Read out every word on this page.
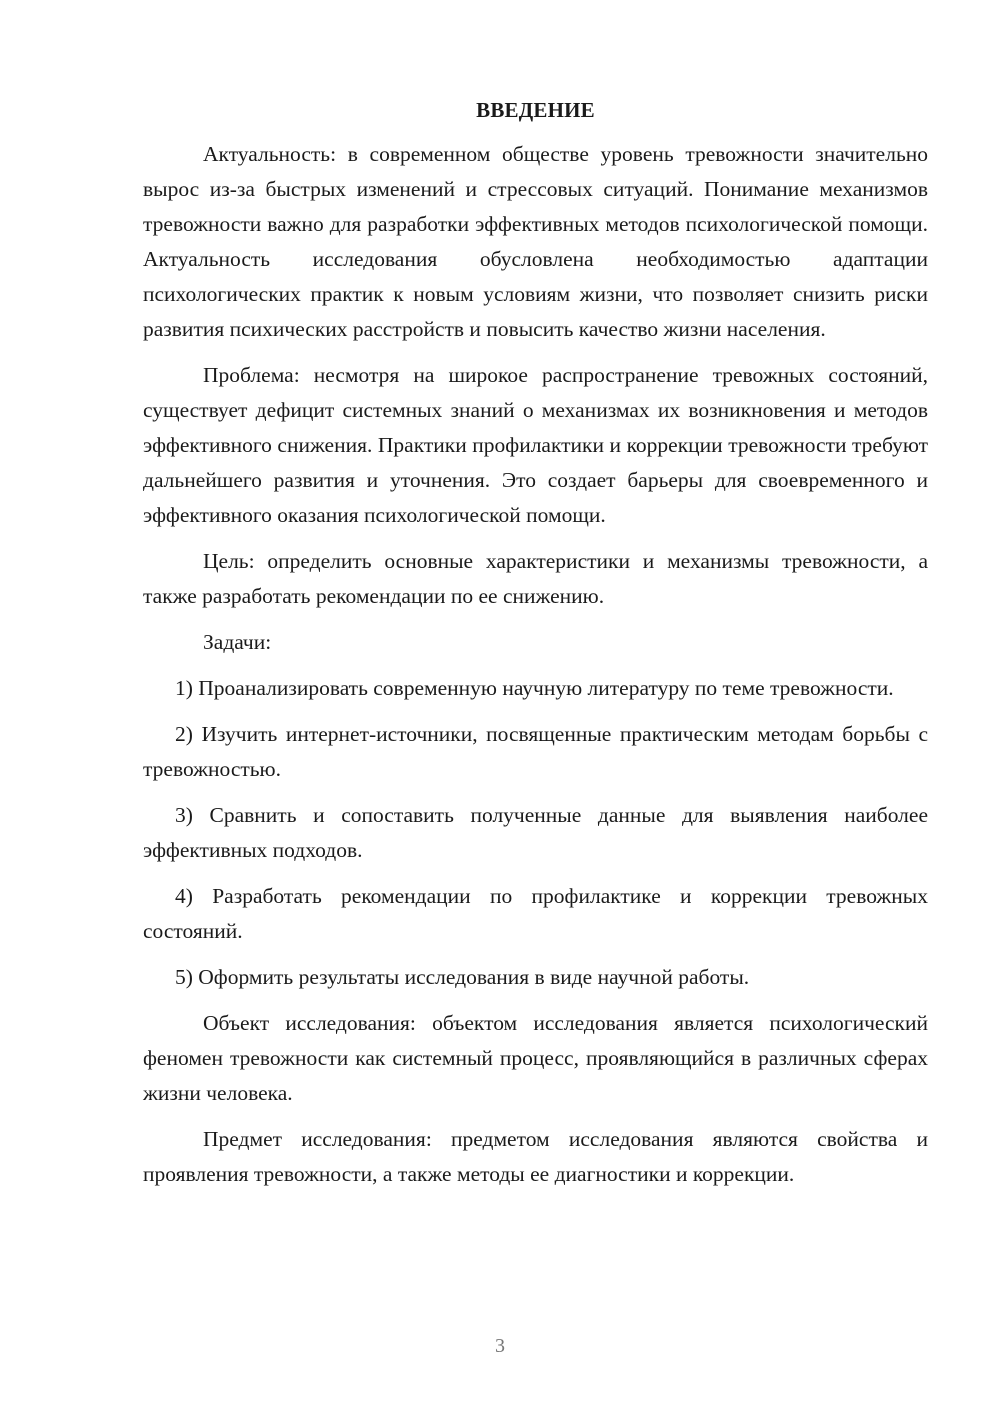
ВВЕДЕНИЕ

Актуальность: в современном обществе уровень тревожности значительно вырос из-за быстрых изменений и стрессовых ситуаций. Понимание механизмов тревожности важно для разработки эффективных методов психологической помощи. Актуальность исследования обусловлена необходимостью адаптации психологических практик к новым условиям жизни, что позволяет снизить риски развития психических расстройств и повысить качество жизни населения.

Проблема: несмотря на широкое распространение тревожных состояний, существует дефицит системных знаний о механизмах их возникновения и методов эффективного снижения. Практики профилактики и коррекции тревожности требуют дальнейшего развития и уточнения. Это создает барьеры для своевременного и эффективного оказания психологической помощи.

Цель: определить основные характеристики и механизмы тревожности, а также разработать рекомендации по ее снижению.

Задачи:

1) Проанализировать современную научную литературу по теме тревожности.

2) Изучить интернет-источники, посвященные практическим методам борьбы с тревожностью.

3) Сравнить и сопоставить полученные данные для выявления наиболее эффективных подходов.

4) Разработать рекомендации по профилактике и коррекции тревожных состояний.

5) Оформить результаты исследования в виде научной работы.

Объект исследования: объектом исследования является психологический феномен тревожности как системный процесс, проявляющийся в различных сферах жизни человека.

Предмет исследования: предметом исследования являются свойства и проявления тревожности, а также методы ее диагностики и коррекции.

3
